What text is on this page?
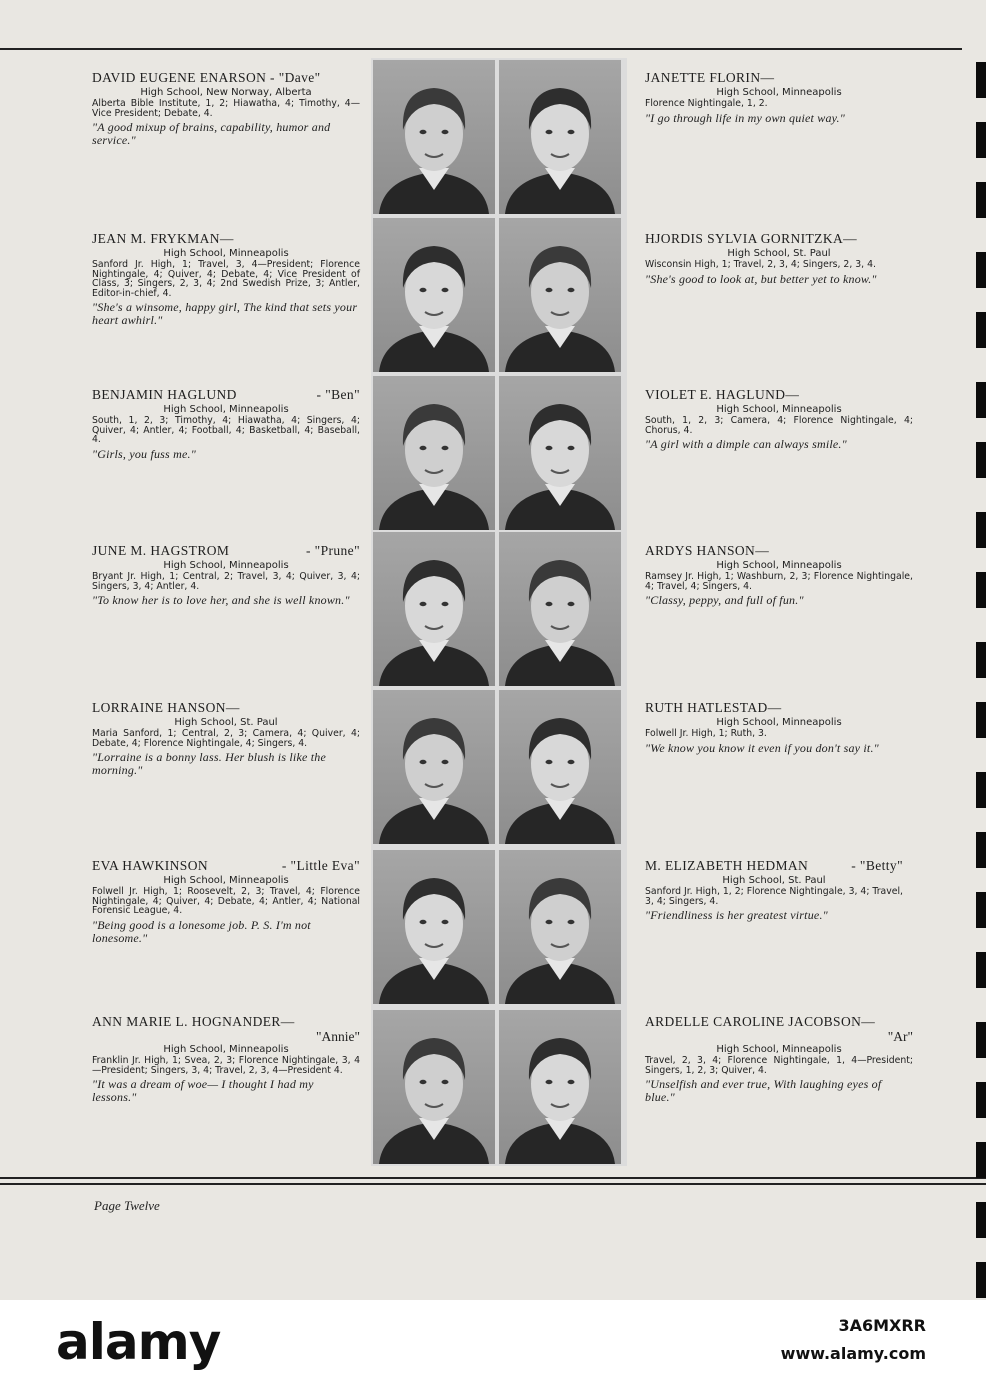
DAVID EUGENE ENARSON - "Dave"
High School, New Norway, Alberta
Alberta Bible Institute, 1, 2; Hiawatha, 4; Timothy, 4—Vice President; Debate, 4.
"A good mixup of brains, capability, humor and service."
JEAN M. FRYKMAN—
High School, Minneapolis
Sanford Jr. High, 1; Travel, 3, 4—President; Florence Nightingale, 4; Quiver, 4; Debate, 4; Vice President of Class, 3; Singers, 2, 3, 4; 2nd Swedish Prize, 3; Antler, Editor-in-chief, 4.
"She's a winsome, happy girl, The kind that sets your heart awhirl."
BENJAMIN HAGLUND	- "Ben"
High School, Minneapolis
South, 1, 2, 3; Timothy, 4; Hiawatha, 4; Singers, 4; Quiver, 4; Antler, 4; Football, 4; Basketball, 4; Baseball, 4.
"Girls, you fuss me."
JUNE M. HAGSTROM	- "Prune"
High School, Minneapolis
Bryant Jr. High, 1; Central, 2; Travel, 3, 4; Quiver, 3, 4; Singers, 3, 4; Antler, 4.
"To know her is to love her, and she is well known."
LORRAINE HANSON—
High School, St. Paul
Maria Sanford, 1; Central, 2, 3; Camera, 4; Quiver, 4; Debate, 4; Florence Nightingale, 4; Singers, 4.
"Lorraine is a bonny lass. Her blush is like the morning."
EVA HAWKINSON	- "Little Eva"
High School, Minneapolis
Folwell Jr. High, 1; Roosevelt, 2, 3; Travel, 4; Florence Nightingale, 4; Quiver, 4; Debate, 4; Antler, 4; National Forensic League, 4.
"Being good is a lonesome job. P. S. I'm not lonesome."
ANN MARIE L. HOGNANDER—
"Annie"
High School, Minneapolis
Franklin Jr. High, 1; Svea, 2, 3; Florence Nightingale, 3, 4—President; Singers, 3, 4; Travel, 2, 3, 4—President 4.
"It was a dream of woe— I thought I had my lessons."
JANETTE FLORIN—
High School, Minneapolis
Florence Nightingale, 1, 2.
"I go through life in my own quiet way."
HJORDIS SYLVIA GORNITZKA—
High School, St. Paul
Wisconsin High, 1; Travel, 2, 3, 4; Singers, 2, 3, 4.
"She's good to look at, but better yet to know."
VIOLET E. HAGLUND—
High School, Minneapolis
South, 1, 2, 3; Camera, 4; Florence Nightingale, 4; Chorus, 4.
"A girl with a dimple can always smile."
ARDYS HANSON—
High School, Minneapolis
Ramsey Jr. High, 1; Washburn, 2, 3; Florence Nightingale, 4; Travel, 4; Singers, 4.
"Classy, peppy, and full of fun."
RUTH HATLESTAD—
High School, Minneapolis
Folwell Jr. High, 1; Ruth, 3.
"We know you know it even if you don't say it."
M. ELIZABETH HEDMAN	- "Betty"
High School, St. Paul
Sanford Jr. High, 1, 2; Florence Nightingale, 3, 4; Travel, 3, 4; Singers, 4.
"Friendliness is her greatest virtue."
ARDELLE CAROLINE JACOBSON—
"Ar"
High School, Minneapolis
Travel, 2, 3, 4; Florence Nightingale, 1, 4—President; Singers, 1, 2, 3; Quiver, 4.
"Unselfish and ever true, With laughing eyes of blue."
Page Twelve
alamy	3A6MXRR
www.alamy.com
